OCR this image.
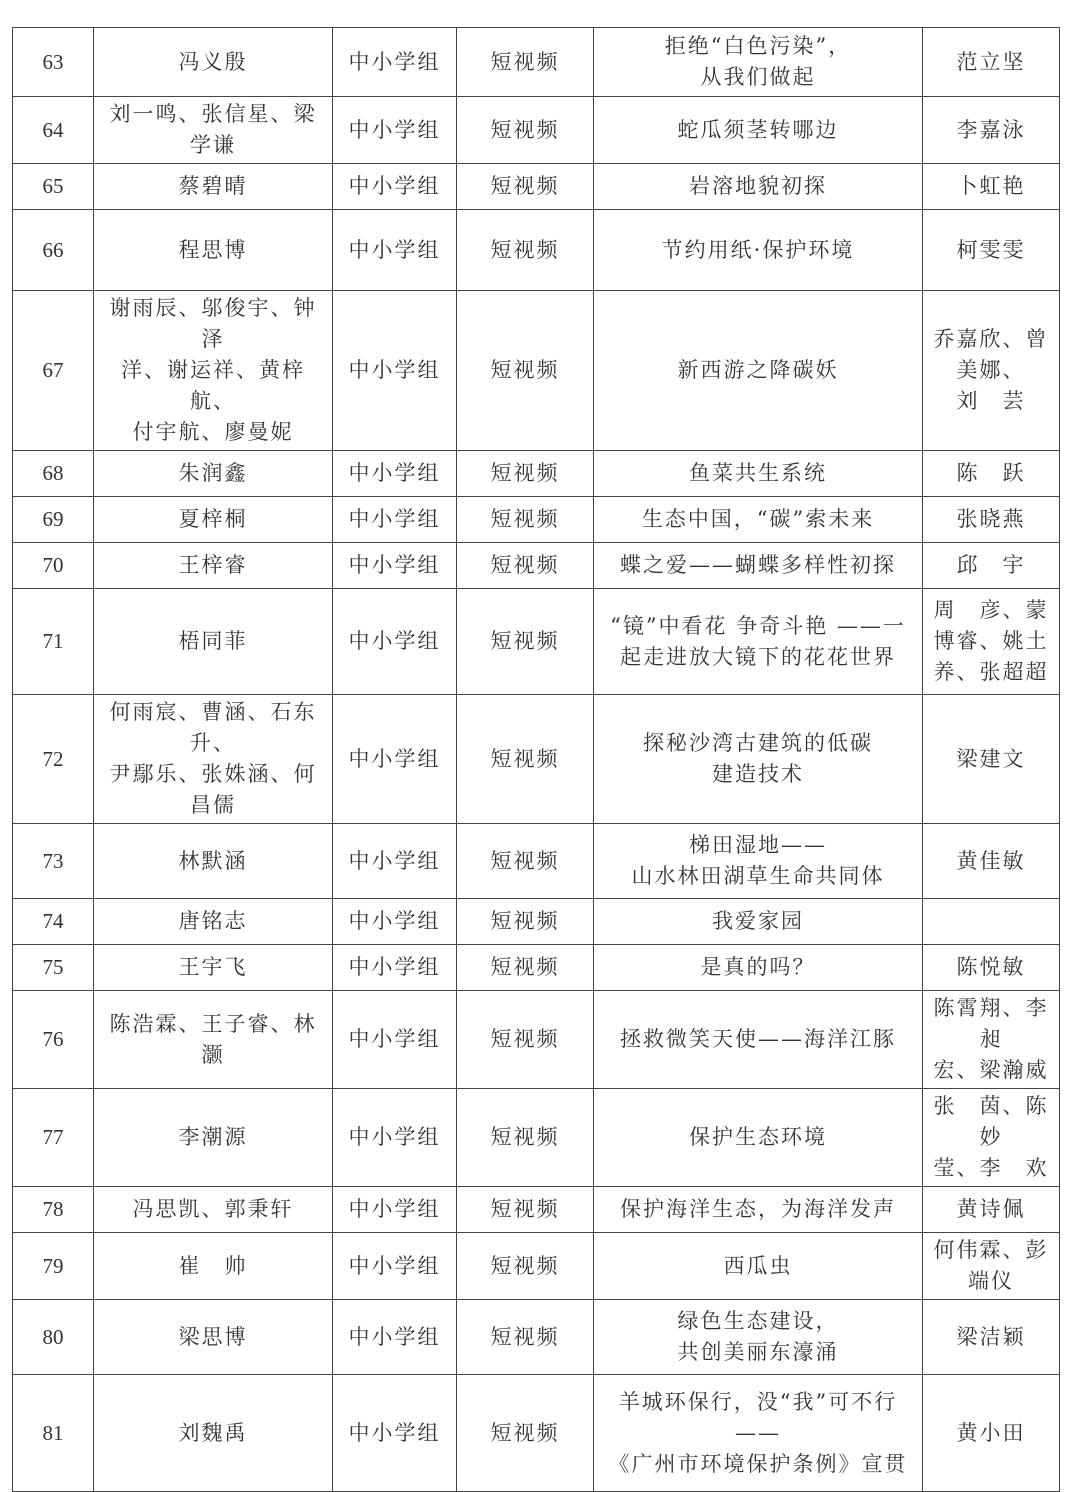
63	冯义殷	中小学组	短视频	拒绝“白色污染”，
从我们做起	范立坚

64	刘一鸣、张信星、梁学谦	中小学组	短视频	蛇瓜须茎转哪边	李嘉泳

65	蔡碧晴	中小学组	短视频	岩溶地貌初探	卜虹艳

66	程思博	中小学组	短视频	节约用纸·保护环境	柯雯雯

67	谢雨辰、邬俊宇、钟泽
洋、谢运祥、黄梓航、
付宇航、廖曼妮	中小学组	短视频	新西游之降碳妖	乔嘉欣、曾
美娜、
刘　芸

68	朱润鑫	中小学组	短视频	鱼菜共生系统	陈　跃

69	夏梓桐	中小学组	短视频	生态中国，“碳”索未来	张晓燕

70	王梓睿	中小学组	短视频	蝶之爱——蝴蝶多样性初探	邱　宇

71	梧同菲	中小学组	短视频	“镜”中看花 争奇斗艳 ——一
起走进放大镜下的花花世界	周　彦、蒙
博睿、姚土
养、张超超

72	何雨宸、曹涵、石东升、
尹鄢乐、张姝涵、何昌儒	中小学组	短视频	探秘沙湾古建筑的低碳
建造技术	梁建文

73	林默涵	中小学组	短视频	梯田湿地——
山水林田湖草生命共同体	黄佳敏

74	唐铭志	中小学组	短视频	我爱家园	

75	王宇飞	中小学组	短视频	是真的吗？	陈悦敏

76	陈浩霖、王子睿、林灏	中小学组	短视频	拯救微笑天使——海洋江豚	陈霄翔、李昶
宏、梁瀚威

77	李潮源	中小学组	短视频	保护生态环境	张　茵、陈妙
莹、李　欢

78	冯思凯、郭秉轩	中小学组	短视频	保护海洋生态，为海洋发声	黄诗佩

79	崔　帅	中小学组	短视频	西瓜虫	何伟霖、彭
端仪

80	梁思博	中小学组	短视频	绿色生态建设，
共创美丽东濠涌	梁洁颖

81	刘魏禹	中小学组	短视频	羊城环保行，没“我”可不行——
《广州市环境保护条例》宣贯	黄小田
